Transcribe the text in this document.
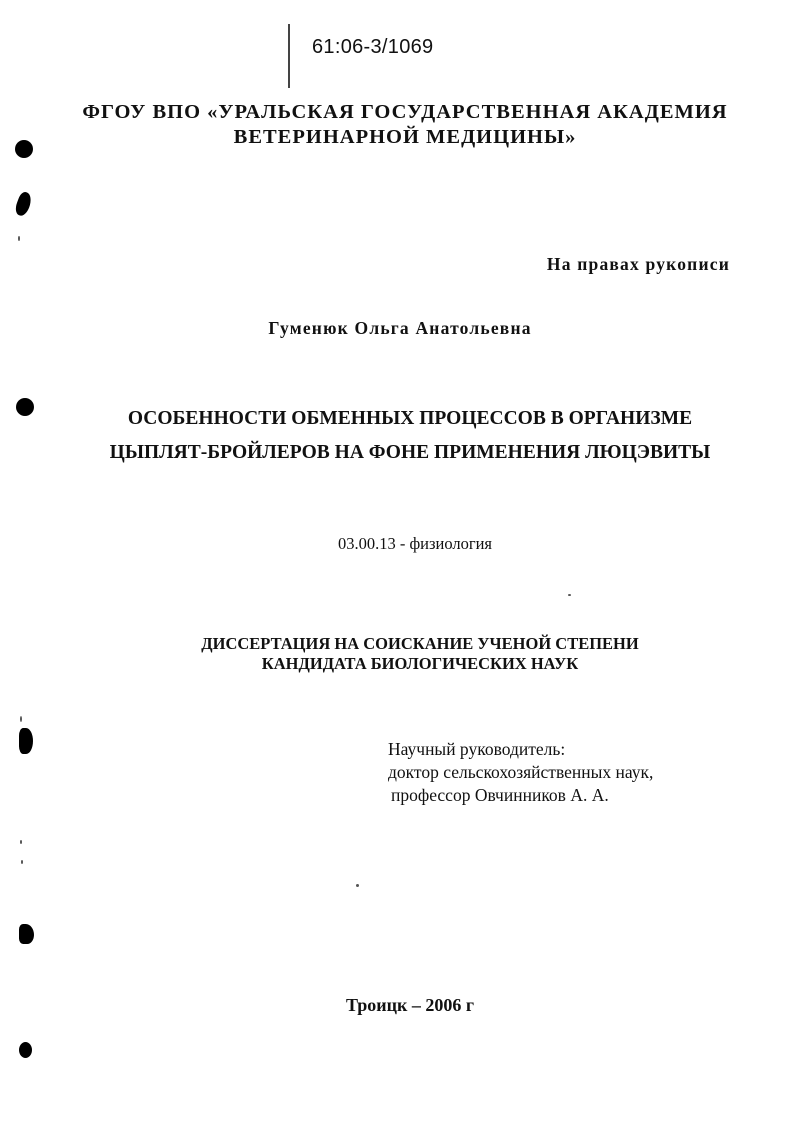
61:06-3/1069
ФГОУ ВПО «УРАЛЬСКАЯ ГОСУДАРСТВЕННАЯ АКАДЕМИЯ
ВЕТЕРИНАРНОЙ МЕДИЦИНЫ»
На правах рукописи
Гуменюк Ольга Анатольевна
ОСОБЕННОСТИ ОБМЕННЫХ ПРОЦЕССОВ В ОРГАНИЗМЕ
ЦЫПЛЯТ-БРОЙЛЕРОВ НА ФОНЕ ПРИМЕНЕНИЯ ЛЮЦЭВИТЫ
03.00.13 - физиология
ДИССЕРТАЦИЯ НА СОИСКАНИЕ УЧЕНОЙ СТЕПЕНИ
КАНДИДАТА БИОЛОГИЧЕСКИХ НАУК
Научный руководитель:
доктор сельскохозяйственных наук,
профессор Овчинников А. А.
Троицк – 2006 г
